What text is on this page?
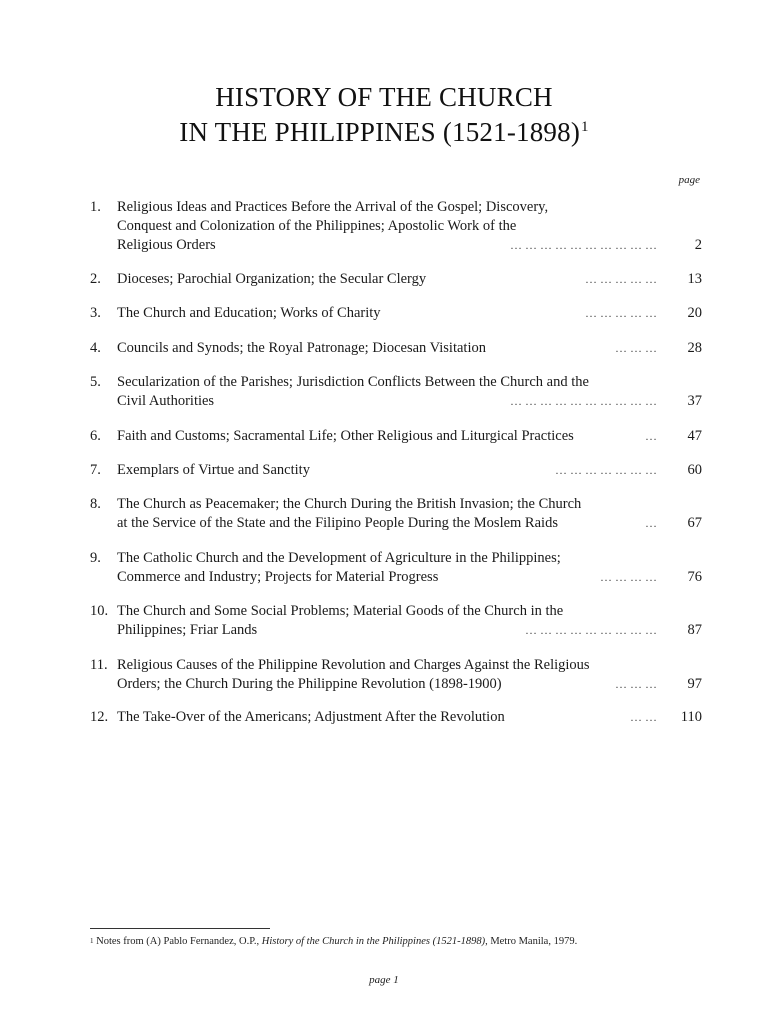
HISTORY OF THE CHURCH
IN THE PHILIPPINES (1521-1898)$^1$
page
1.	Religious Ideas and Practices Before the Arrival of the Gospel; Discovery,
Conquest and Colonization of the Philippines; Apostolic Work of the
Religious Orders	… … … … … … … … … …	2
2.	Dioceses; Parochial Organization; the Secular Clergy	… … … … …	13
3.	The Church and Education; Works of Charity	… … … … …	20
4.	Councils and Synods; the Royal Patronage; Diocesan Visitation	… … …	28
5.	Secularization of the Parishes; Jurisdiction Conflicts Between the Church and the
Civil Authorities	… … … … … … … … … …	37
6.	Faith and Customs; Sacramental Life; Other Religious and Liturgical Practices	…	47
7.	Exemplars of Virtue and Sanctity	… … … … … … …	60
8.	The Church as Peacemaker; the Church During the British Invasion; the Church
at the Service of the State and the Filipino People During the Moslem Raids	…	67
9.	The Catholic Church and the Development of Agriculture in the Philippines;
Commerce and Industry; Projects for Material Progress	… … … …	76
10. The Church and Some Social Problems; Material Goods of the Church in the
Philippines; Friar Lands	… … … … … … … … …	87
11. Religious Causes of the Philippine Revolution and Charges Against the Religious
Orders; the Church During the Philippine Revolution (1898-1900)	… … …	97
12. The Take-Over of the Americans; Adjustment After the Revolution	… …	110
$^1$ Notes from (A) Pablo Fernandez, O.P., History of the Church in the Philippines (1521-1898), Metro Manila, 1979.
page 1
